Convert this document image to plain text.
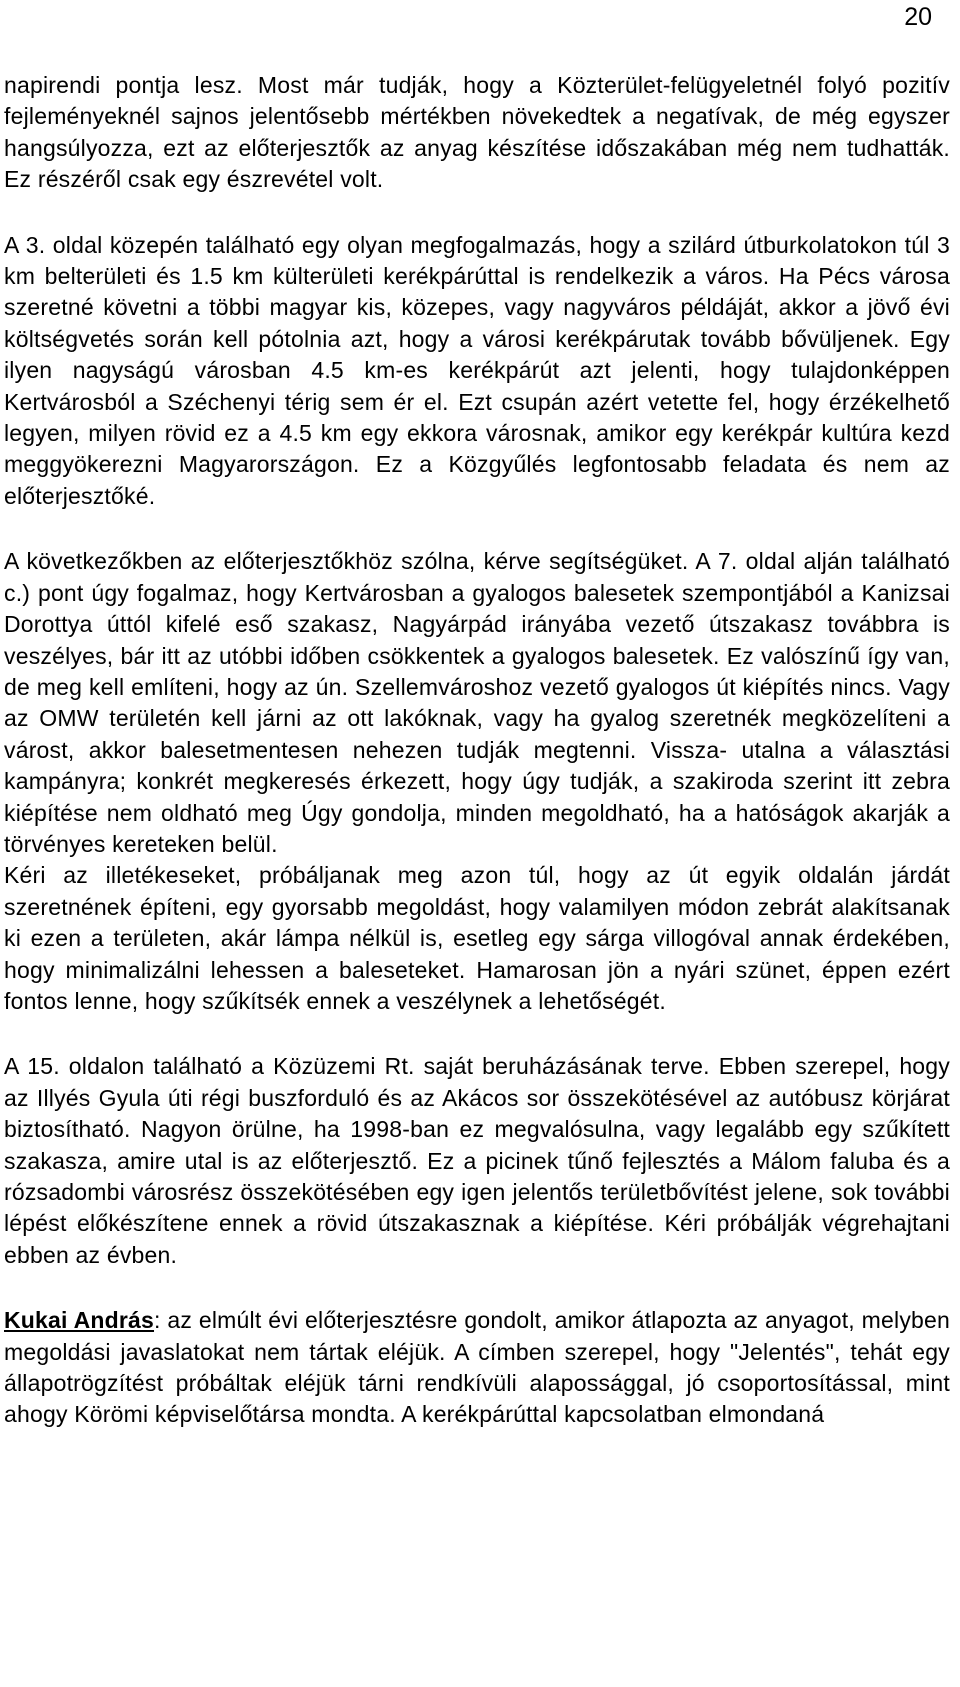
20

napirendi pontja lesz. Most már tudják, hogy a Közterület-felügyeletnél folyó pozitív fejleményeknél sajnos jelentősebb mértékben növekedtek a negatívak, de még egyszer hangsúlyozza, ezt az előterjesztők az anyag készítése időszakában még nem tudhatták. Ez részéről csak egy észrevétel volt.

A 3. oldal közepén található egy olyan megfogalmazás, hogy a szilárd útburkolatokon túl 3 km belterületi és 1.5 km külterületi kerékpárúttal is rendelkezik a város. Ha Pécs városa szeretné követni a többi magyar kis, közepes, vagy nagyváros példáját, akkor a jövő évi költségvetés során kell pótolnia azt, hogy a városi kerékpárutak tovább bővüljenek. Egy ilyen nagyságú városban 4.5 km-es kerékpárút azt jelenti, hogy tulajdonképpen Kertvárosból a Széchenyi térig sem ér el. Ezt csupán azért vetette fel, hogy érzékelhető legyen, milyen rövid ez a 4.5 km egy ekkora városnak, amikor egy kerékpár kultúra kezd meggyökerezni Magyarországon. Ez a Közgyűlés legfontosabb feladata és nem az előterjesztőké.

A következőkben az előterjesztőkhöz szólna, kérve segítségüket. A 7. oldal alján található c.) pont úgy fogalmaz, hogy Kertvárosban a gyalogos balesetek szempontjából a Kanizsai Dorottya úttól kifelé eső szakasz, Nagyárpád irányába vezető útszakasz továbbra is veszélyes, bár itt az utóbbi időben csökkentek a gyalogos balesetek. Ez valószínű így van, de meg kell említeni, hogy az ún. Szellemvároshoz vezető gyalogos út kiépítés nincs. Vagy az OMW területén kell járni az ott lakóknak, vagy ha gyalog szeretnék megközelíteni a várost, akkor balesetmentesen nehezen tudják megtenni. Vissza- utalna a választási kampányra; konkrét megkeresés érkezett, hogy úgy tudják, a szakiroda szerint itt zebra kiépítése nem oldható meg Úgy gondolja, minden megoldható, ha a hatóságok akarják a törvényes kereteken belül.

Kéri az illetékeseket, próbáljanak meg azon túl, hogy az út egyik oldalán járdát szeretnének építeni, egy gyorsabb megoldást, hogy valamilyen módon zebrát alakítsanak ki ezen a területen, akár lámpa nélkül is, esetleg egy sárga villogóval annak érdekében, hogy minimalizálni lehessen a baleseteket. Hamarosan jön a nyári szünet, éppen ezért fontos lenne, hogy szűkítsék ennek a veszélynek a lehetőségét.

A 15. oldalon található a Közüzemi Rt. saját beruházásának terve. Ebben szerepel, hogy az Illyés Gyula úti régi buszforduló és az Akácos sor összekötésével az autóbusz körjárat biztosítható. Nagyon örülne, ha 1998-ban ez megvalósulna, vagy legalább egy szűkített szakasza, amire utal is az előterjesztő. Ez a picinek tűnő fejlesztés a Málom faluba és a rózsadombi városrész összekötésében egy igen jelentős területbővítést jelene, sok további lépést előkészítene ennek a rövid útszakasznak a kiépítése. Kéri próbálják végrehajtani ebben az évben.

Kukai András: az elmúlt évi előterjesztésre gondolt, amikor átlapozta az anyagot, melyben megoldási javaslatokat nem tártak eléjük. A címben szerepel, hogy "Jelentés", tehát egy állapotrögzítést próbáltak eléjük tárni rendkívüli alapossággal, jó csoportosítással, mint ahogy Körömi képviselőtársa mondta. A kerékpárúttal kapcsolatban elmondaná
